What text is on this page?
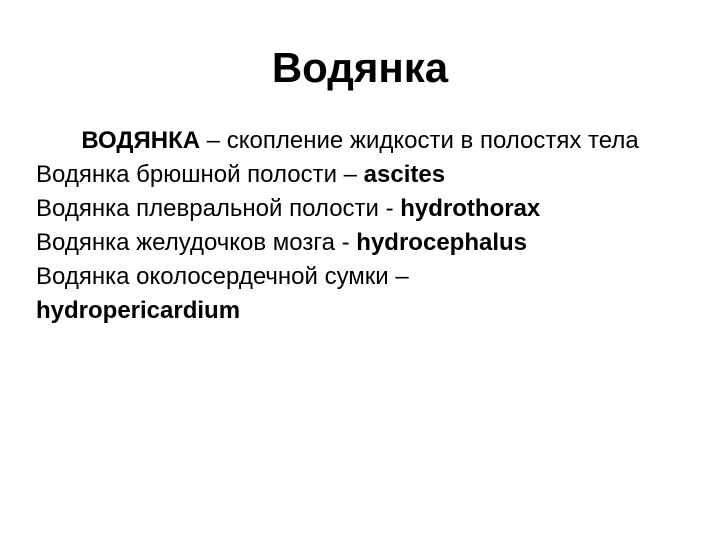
Водянка

ВОДЯНКА – скопление жидкости в полостях тела

Водянка брюшной полости – ascites

Водянка плевральной полости - hydrothorax

Водянка желудочков мозга - hydrocephalus

Водянка околосердечной сумки –
hydropericardium
